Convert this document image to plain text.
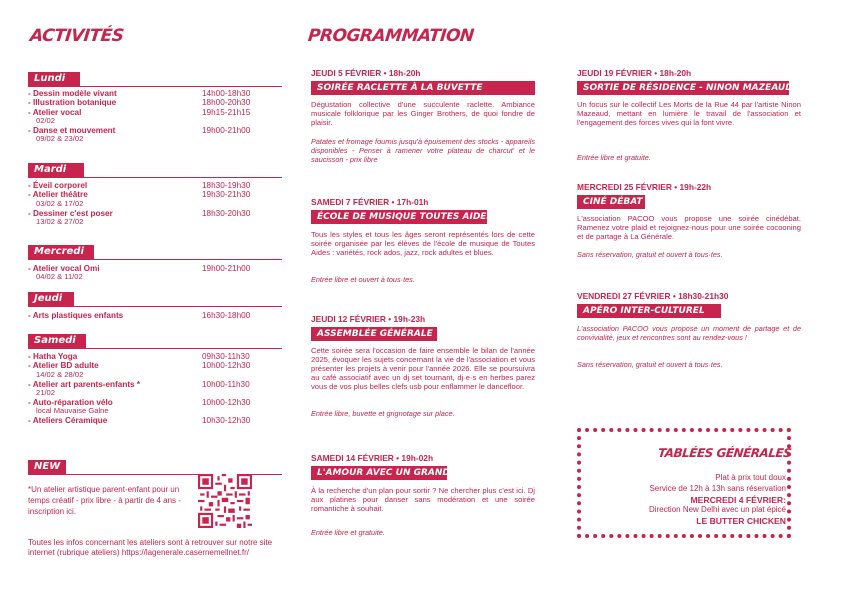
ACTIVITÉS
Lundi
- Dessin modèle vivant	14h00-18h30
- Illustration botanique	18h00-20h30
- Atelier vocal	19h15-21h15
02/02
- Danse et mouvement	19h00-21h00
09/02 & 23/02
Mardi
- Éveil corporel	18h30-19h30
- Atelier théâtre	19h30-21h30
03/02 & 17/02
- Dessiner c'est poser	18h30-20h30
13/02 & 27/02
Mercredi
- Atelier vocal Omi	19h00-21h00
04/02 & 11/02
Jeudi
- Arts plastiques enfants	16h30-18h00
Samedi
- Hatha Yoga	09h30-11h30
- Atelier BD adulte	10h00-12h30
14/02 & 28/02
- Atelier art parents-enfants *	10h00-11h30
21/02
- Auto-réparation vélo	10h00-12h30
local Mauvaise Galne
- Ateliers Céramique	10h30-12h30
NEW
*Un atelier artistique parent-enfant pour un temps créatif - prix libre - à partir de 4 ans - inscription ici.
Toutes les infos concernant les ateliers sont à retrouver sur notre site internet (rubrique ateliers) https://lagenerale.casernemellnet.fr/
PROGRAMMATION
JEUDI 5 FÉVRIER • 18h-20h
SOIRÉE RACLETTE À LA BUVETTE
Dégustation collective d'une succulente raclette. Ambiance musicale folklorique par les Ginger Brothers, de quoi fondre de plaisir.
Patates et fromage fournis jusqu'à épuisement des stocks - appareils disponibles - Penser à ramener votre plateau de charcut' et le saucisson - prix libre
SAMEDI 7 FÉVRIER • 17h-01h
ÉCOLE DE MUSIQUE TOUTES AIDES
Tous les styles et tous les âges seront représentés lors de cette soirée organisée par les élèves de l'école de musique de Toutes Aides : variétés, rock ados, jazz, rock adultes et blues.
Entrée libre et ouvert à tous·tes.
JEUDI 12 FÉVRIER • 19h-23h
ASSEMBLÉE GÉNÉRALE
Cette soirée sera l'occasion de faire ensemble le bilan de l'année 2025, évoquer les sujets concernant la vie de l'association et vous présenter les projets à venir pour l'année 2026. Elle se poursuivra au café associatif avec un dj set tournant, dj·e·s en herbes parez vous de vos plus belles clefs usb pour enflammer le dancefloor.
Entrée libre, buvette et grignotage sur place.
SAMEDI 14 FÉVRIER • 19h-02h
L'AMOUR AVEC UN GRAND G
À la recherche d'un plan pour sortir ? Ne chercher plus c'est ici. Dj aux platines pour danser sans modération et une soirée romantiche à souhait.
Entrée libre et gratuite.
JEUDI 19 FÉVRIER • 18h-20h
SORTIE DE RÉSIDENCE - NINON MAZEAUD
Un focus sur le collectif Les Morts de la Rue 44 par l'artiste Ninon Mazeaud, mettant en lumière le travail de l'association et l'engagement des forces vives qui la font vivre.
Entrée libre et gratuite.
MERCREDI 25 FÉVRIER • 19h-22h
CINÉ DÉBAT
L'association PACOO vous propose une soirée cinédébat. Ramenez votre plaid et rejoignez-nous pour une soirée cocooning et de partage à La Générale.
Sans réservation, gratuit et ouvert à tous·tes.
VENDREDI 27 FÉVRIER • 18h30-21h30
APÉRO INTER-CULTUREL
L'association PACOO vous propose un moment de partage et de convivialité, jeux et rencontres sont au rendez-vous !
Sans réservation, gratuit et ouvert à tous·tes.
TABLÉES GÉNÉRALES
Plat à prix tout doux
Service de 12h à 13h sans réservation
MERCREDI 4 FÉVRIER:
Direction New Delhi avec un plat épicé
LE BUTTER CHICKEN
